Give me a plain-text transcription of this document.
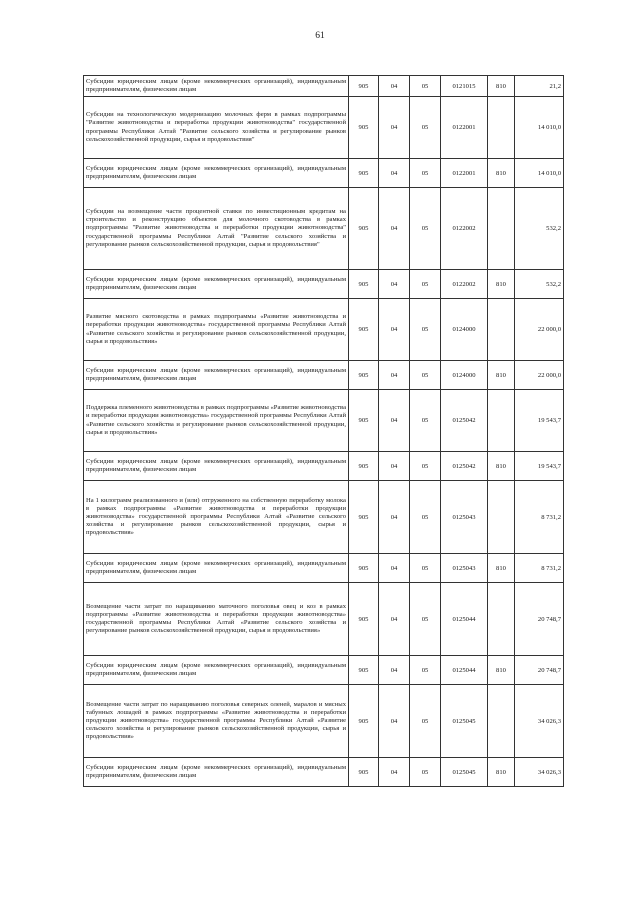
61
Субсидии юридическим лицам (кроме некоммерческих организаций), индивидуальным предпринимателям, физическим лицам	905	04	05	0121015	810	21,2
Субсидии на технологическую модернизацию молочных ферм в рамках подпрограммы "Развитие животноводства и переработка продукции животноводства" государственной программы Республики Алтай "Развитие сельского хозяйства и регулирование рынков сельскохозяйственной продукции, сырья и продовольствия"	905	04	05	0122001		14 010,0
Субсидии юридическим лицам (кроме некоммерческих организаций), индивидуальным предпринимателям, физическим лицам	905	04	05	0122001	810	14 010,0
Субсидии на возмещение части процентной ставки по инвестиционным кредитам на строительство и реконструкцию объектов для молочного скотоводства в рамках подпрограммы "Развитие животноводства и переработки продукции животноводства" государственной программы Республики Алтай "Развитие сельского хозяйства и регулирование рынков сельскохозяйственной продукции, сырья и продовольствия"	905	04	05	0122002		532,2
Субсидии юридическим лицам (кроме некоммерческих организаций), индивидуальным предпринимателям, физическим лицам	905	04	05	0122002	810	532,2
Развитие мясного скотоводства в рамках подпрограммы «Развитие животноводства и переработки продукции животноводства» государственной программы Республики Алтай «Развитие сельского хозяйства и регулирование рынков сельскохозяйственной продукции, сырья и продовольствия»	905	04	05	0124000		22 000,0
Субсидии юридическим лицам (кроме некоммерческих организаций), индивидуальным предпринимателям, физическим лицам	905	04	05	0124000	810	22 000,0
Поддержка племенного животноводства в рамках подпрограммы «Развитие животноводства и переработки продукции животноводства» государственной программы Республики Алтай «Развитие сельского хозяйства и регулирование рынков сельскохозяйственной продукции, сырья и продовольствия»	905	04	05	0125042		19 543,7
Субсидии юридическим лицам (кроме некоммерческих организаций), индивидуальным предпринимателям, физическим лицам	905	04	05	0125042	810	19 543,7
На 1 килограмм реализованного и (или) отгруженного на собственную переработку молока в рамках подпрограммы «Развитие животноводства и переработки продукции животноводства» государственной программы Республики Алтай «Развитие сельского хозяйства и регулирование рынков сельскохозяйственной продукции, сырья и продовольствия»	905	04	05	0125043		8 731,2
Субсидии юридическим лицам (кроме некоммерческих организаций), индивидуальным предпринимателям, физическим лицам	905	04	05	0125043	810	8 731,2
Возмещение части затрат по наращиванию маточного поголовья овец и коз в рамках подпрограммы «Развитие животноводства и переработки продукции животноводства» государственной программы Республики Алтай «Развитие сельского хозяйства и регулирование рынков сельскохозяйственной продукции, сырья и продовольствия»	905	04	05	0125044		20 748,7
Субсидии юридическим лицам (кроме некоммерческих организаций), индивидуальным предпринимателям, физическим лицам	905	04	05	0125044	810	20 748,7
Возмещение части затрат по наращиванию поголовья северных оленей, маралов и мясных табунных лошадей в рамках подпрограммы «Развитие животноводства и переработки продукции животноводства» государственной программы Республики Алтай «Развитие сельского хозяйства и регулирование рынков сельскохозяйственной продукции, сырья и продовольствия»	905	04	05	0125045		34 026,3
Субсидии юридическим лицам (кроме некоммерческих организаций), индивидуальным предпринимателям, физическим лицам	905	04	05	0125045	810	34 026,3
